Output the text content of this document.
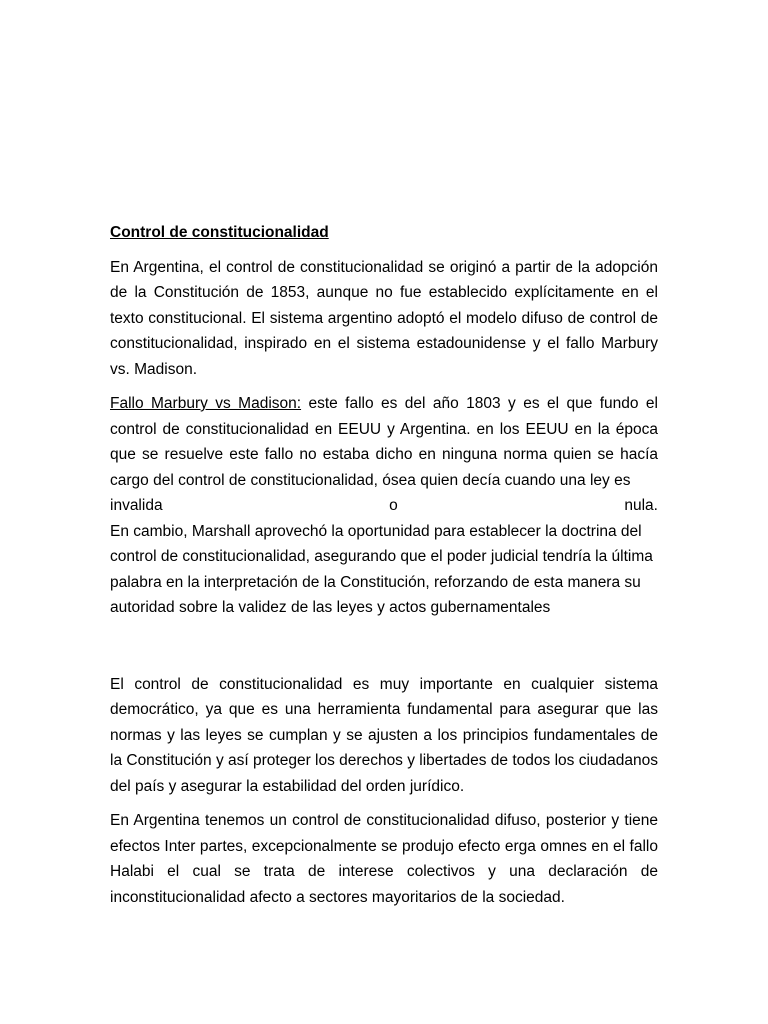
Control de constitucionalidad

En Argentina, el control de constitucionalidad se originó a partir de la adopción de la Constitución de 1853, aunque no fue establecido explícitamente en el texto constitucional. El sistema argentino adoptó el modelo difuso de control de constitucionalidad, inspirado en el sistema estadounidense y el fallo Marbury vs. Madison.

Fallo Marbury vs Madison: este fallo es del año 1803 y es el que fundo el control de constitucionalidad en EEUU y Argentina. en los EEUU en la época que se resuelve este fallo no estaba dicho en ninguna norma quien se hacía cargo del control de constitucionalidad, ósea quien decía cuando una ley es

invalida o nula.

En cambio, Marshall aprovechó la oportunidad para establecer la doctrina del control de constitucionalidad, asegurando que el poder judicial tendría la última palabra en la interpretación de la Constitución, reforzando de esta manera su autoridad sobre la validez de las leyes y actos gubernamentales

El control de constitucionalidad es muy importante en cualquier sistema democrático, ya que es una herramienta fundamental para asegurar que las normas y las leyes se cumplan y se ajusten a los principios fundamentales de la Constitución y así proteger los derechos y libertades de todos los ciudadanos del país y asegurar la estabilidad del orden jurídico.

En Argentina tenemos un control de constitucionalidad difuso, posterior y tiene efectos Inter partes, excepcionalmente se produjo efecto erga omnes en el fallo Halabi el cual se trata de interese colectivos y una declaración de inconstitucionalidad afecto a sectores mayoritarios de la sociedad.
